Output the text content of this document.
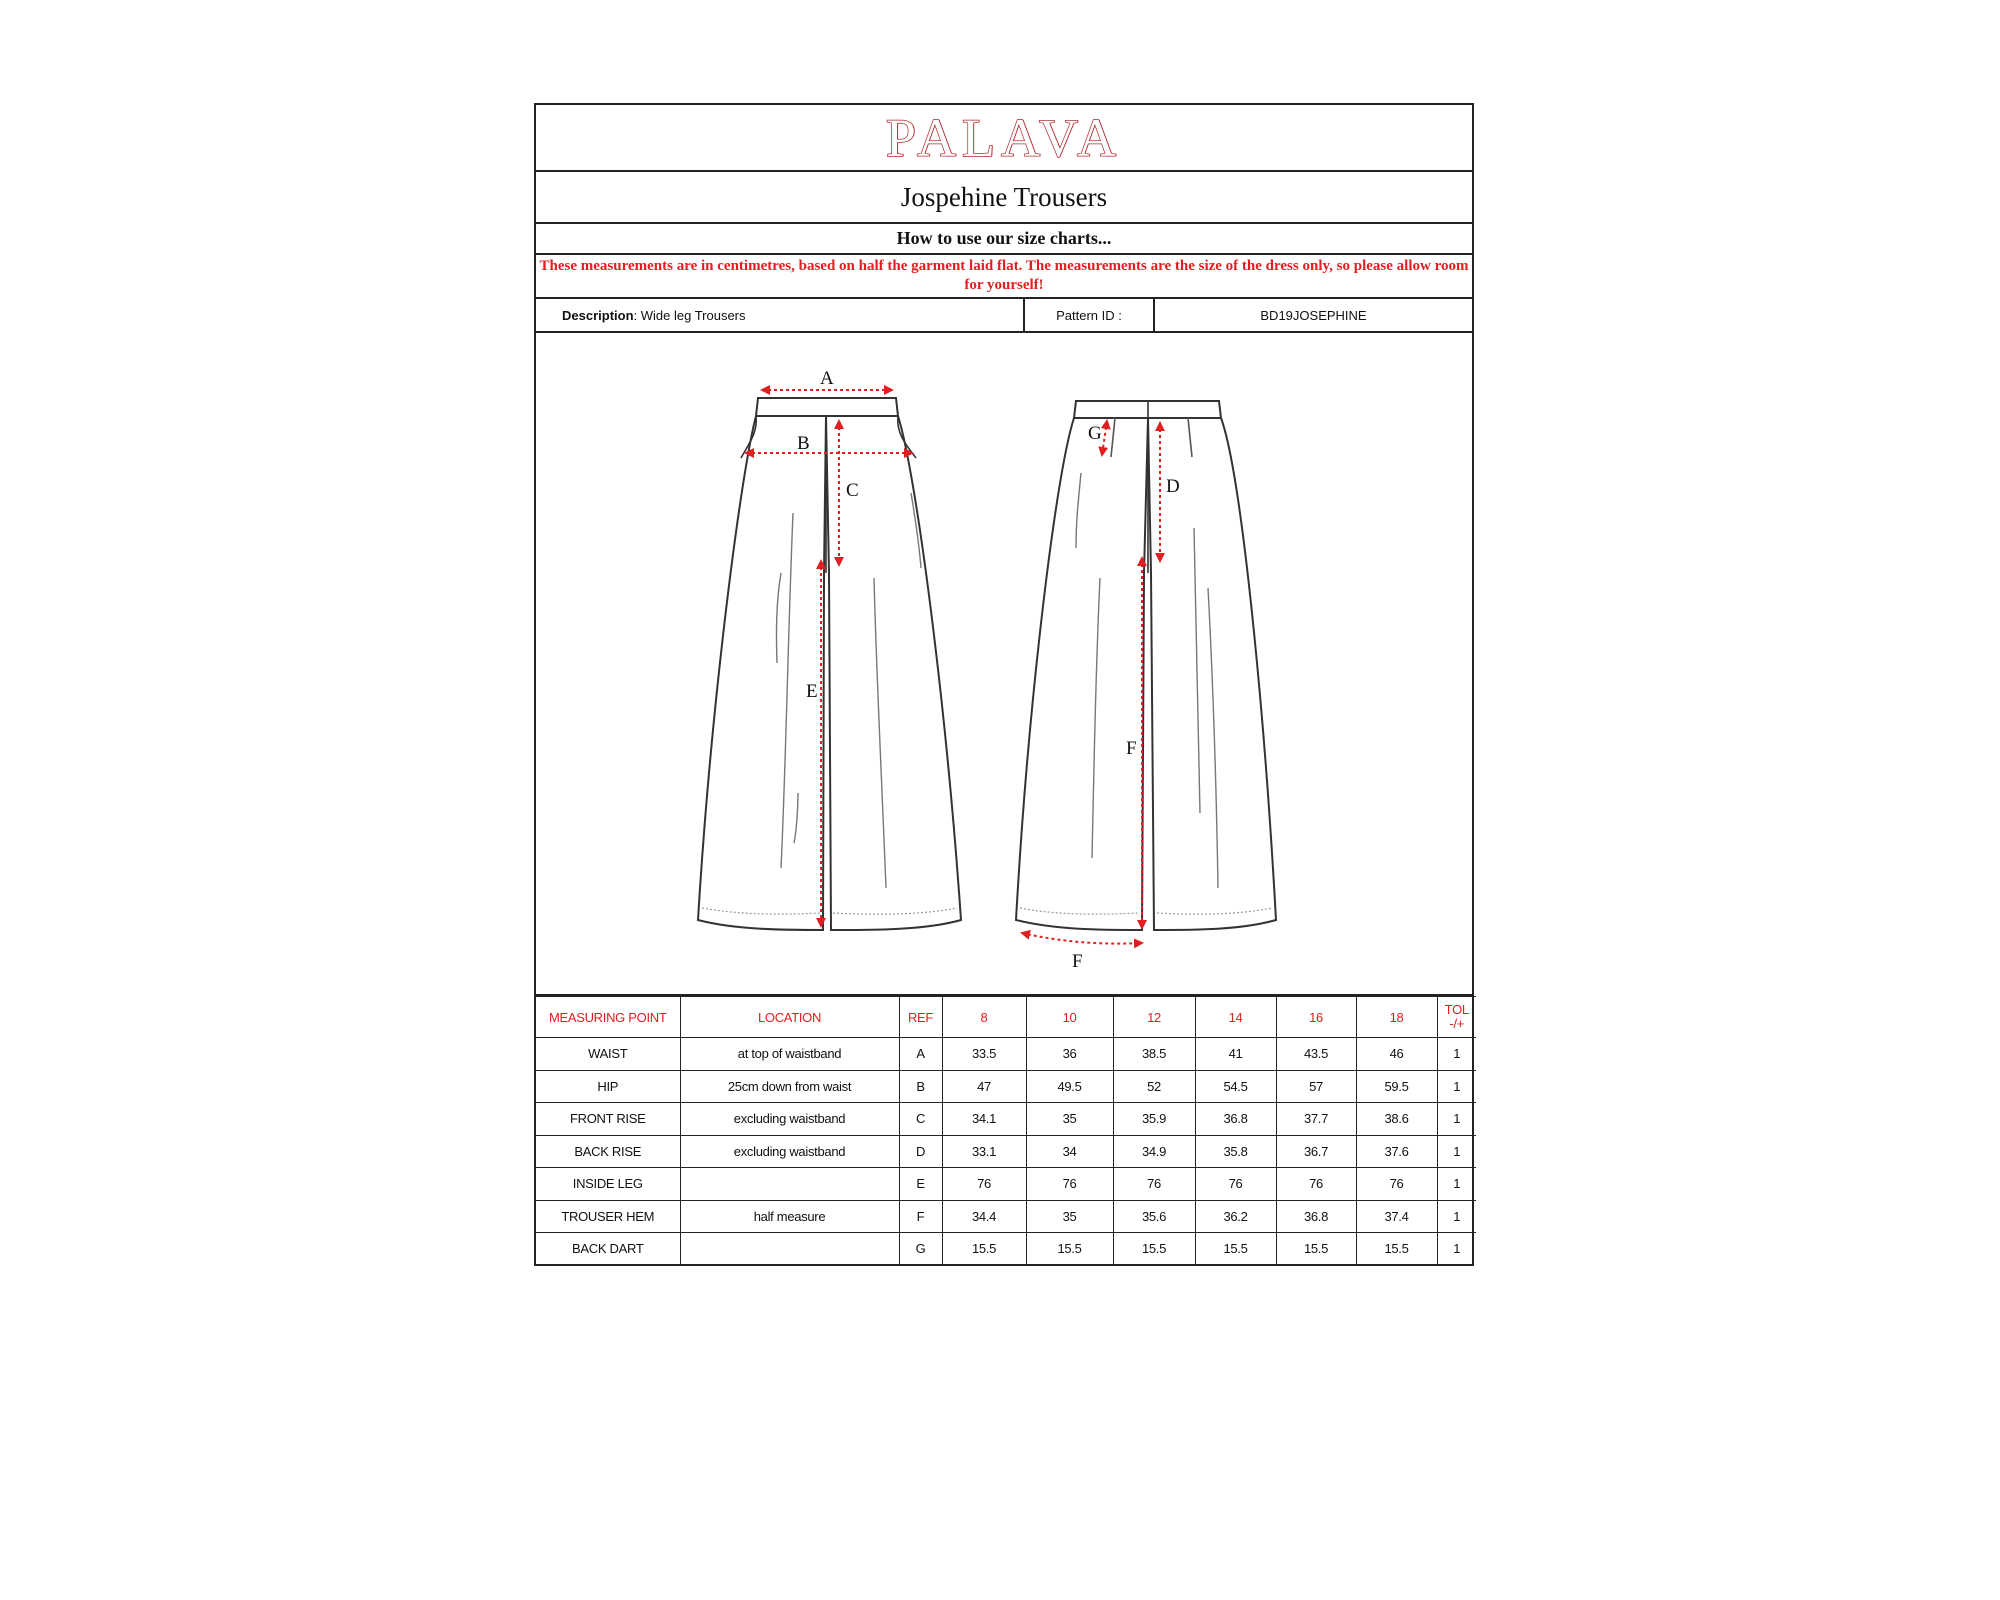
PALAVA
Jospehine Trousers
How to use our size charts...
These measurements are in centimetres, based on half the garment laid flat. The measurements are the size of the dress only, so please allow room for yourself!
Description : Wide leg Trousers	Pattern ID :	BD19JOSEPHINE
A
B
C
E
G
D
F
F
MEASURING POINT	LOCATION	REF	8	10	12	14	16	18	TOL -/+
WAIST	at top of waistband	A	33.5	36	38.5	41	43.5	46	1
HIP	25cm down from waist	B	47	49.5	52	54.5	57	59.5	1
FRONT RISE	excluding waistband	C	34.1	35	35.9	36.8	37.7	38.6	1
BACK RISE	excluding waistband	D	33.1	34	34.9	35.8	36.7	37.6	1
INSIDE LEG		E	76	76	76	76	76	76	1
TROUSER HEM	half measure	F	34.4	35	35.6	36.2	36.8	37.4	1
BACK DART		G	15.5	15.5	15.5	15.5	15.5	15.5	1
